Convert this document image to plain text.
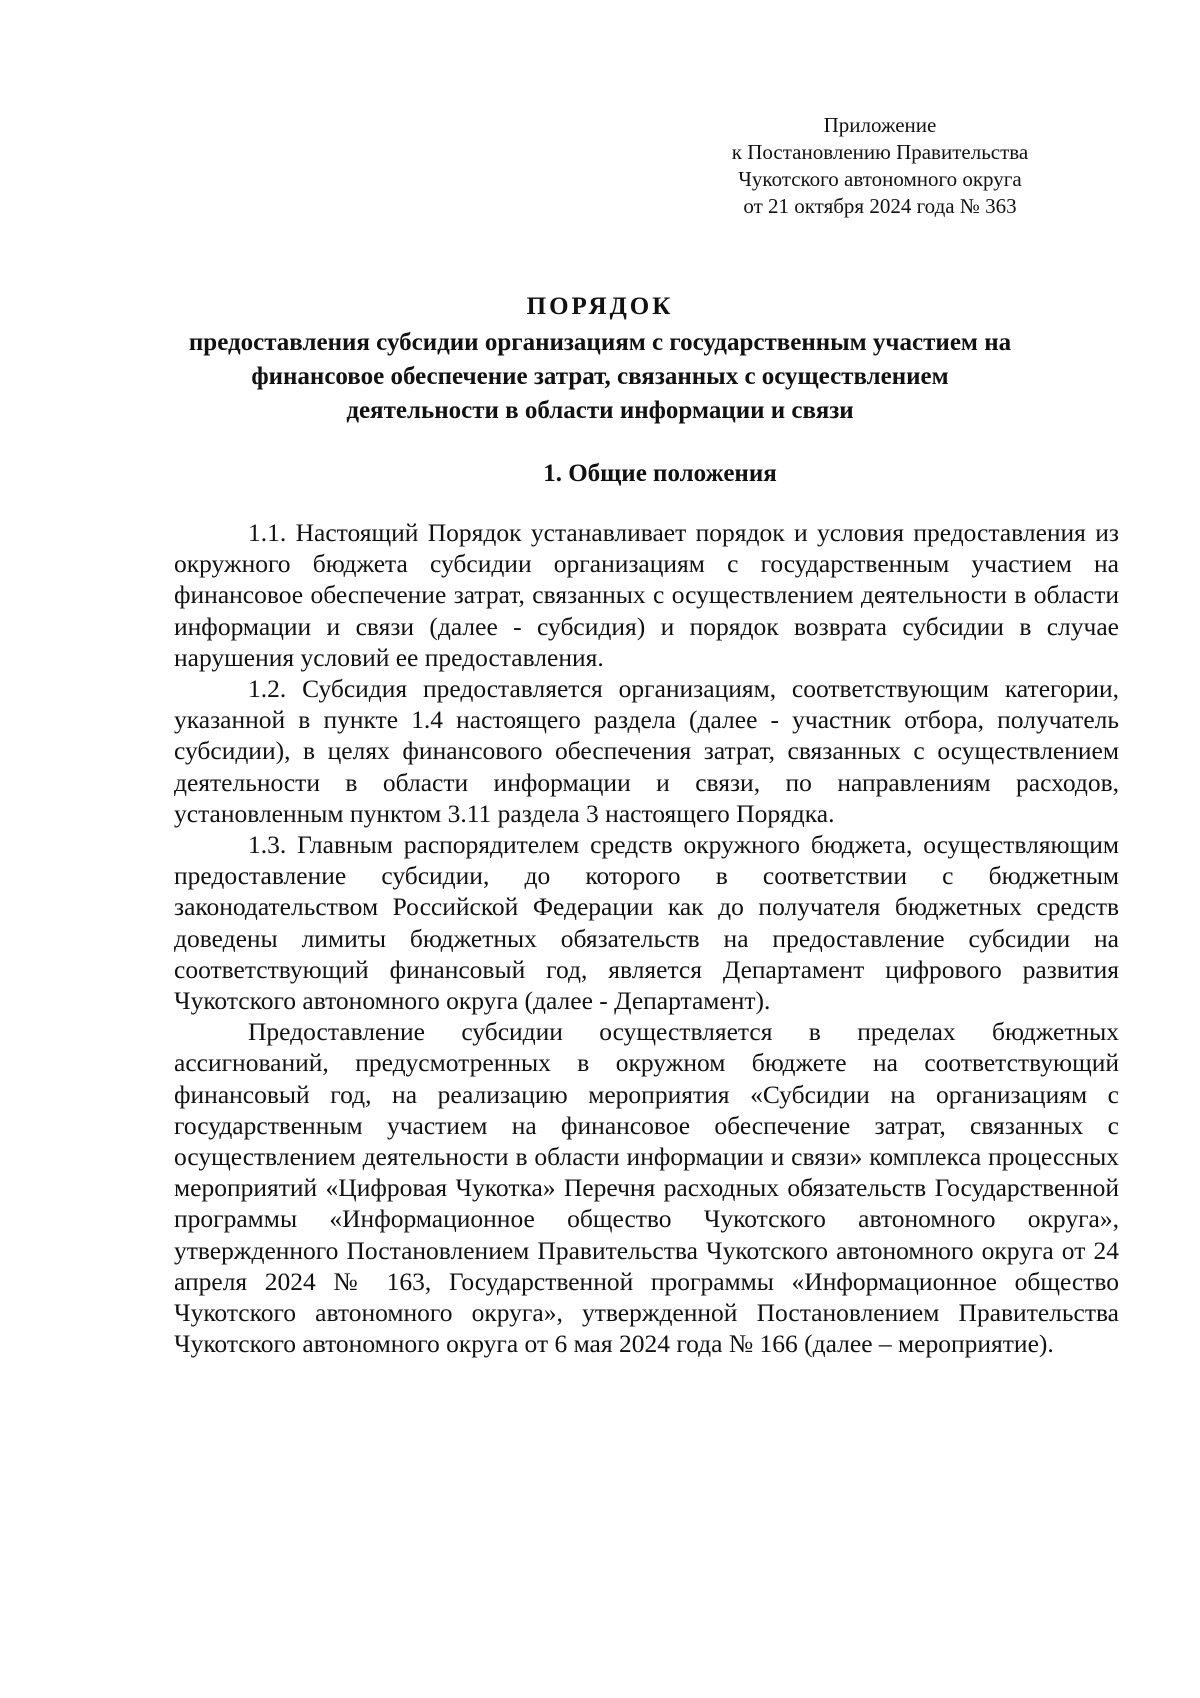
Приложение
к Постановлению Правительства
Чукотского автономного округа
от 21 октября 2024 года № 363
ПОРЯДОК
предоставления субсидии организациям с государственным участием на
финансовое обеспечение затрат, связанных с осуществлением
деятельности в области информации и связи
1. Общие положения

1.1. Настоящий Порядок устанавливает порядок и условия предоставления из окружного бюджета субсидии организациям с государственным участием на финансовое обеспечение затрат, связанных с осуществлением деятельности в области информации и связи (далее - субсидия) и порядок возврата субсидии в случае нарушения условий ее предоставления.

1.2. Субсидия предоставляется организациям, соответствующим категории, указанной в пункте 1.4 настоящего раздела (далее - участник отбора, получатель субсидии), в целях финансового обеспечения затрат, связанных с осуществлением деятельности в области информации и связи, по направлениям расходов, установленным пунктом 3.11 раздела 3 настоящего Порядка.

1.3. Главным распорядителем средств окружного бюджета, осуществляющим предоставление субсидии, до которого в соответствии с бюджетным законодательством Российской Федерации как до получателя бюджетных средств доведены лимиты бюджетных обязательств на предоставление субсидии на соответствующий финансовый год, является Департамент цифрового развития Чукотского автономного округа (далее - Департамент).

Предоставление субсидии осуществляется в пределах бюджетных ассигнований, предусмотренных в окружном бюджете на соответствующий финансовый год, на реализацию мероприятия «Субсидии на организациям с государственным участием на финансовое обеспечение затрат, связанных с осуществлением деятельности в области информации и связи» комплекса процессных мероприятий «Цифровая Чукотка» Перечня расходных обязательств Государственной программы «Информационное общество Чукотского автономного округа», утвержденного Постановлением Правительства Чукотского автономного округа от 24 апреля 2024 № 163, Государственной программы «Информационное общество Чукотского автономного округа», утвержденной Постановлением Правительства Чукотского автономного округа от 6 мая 2024 года № 166 (далее – мероприятие).
